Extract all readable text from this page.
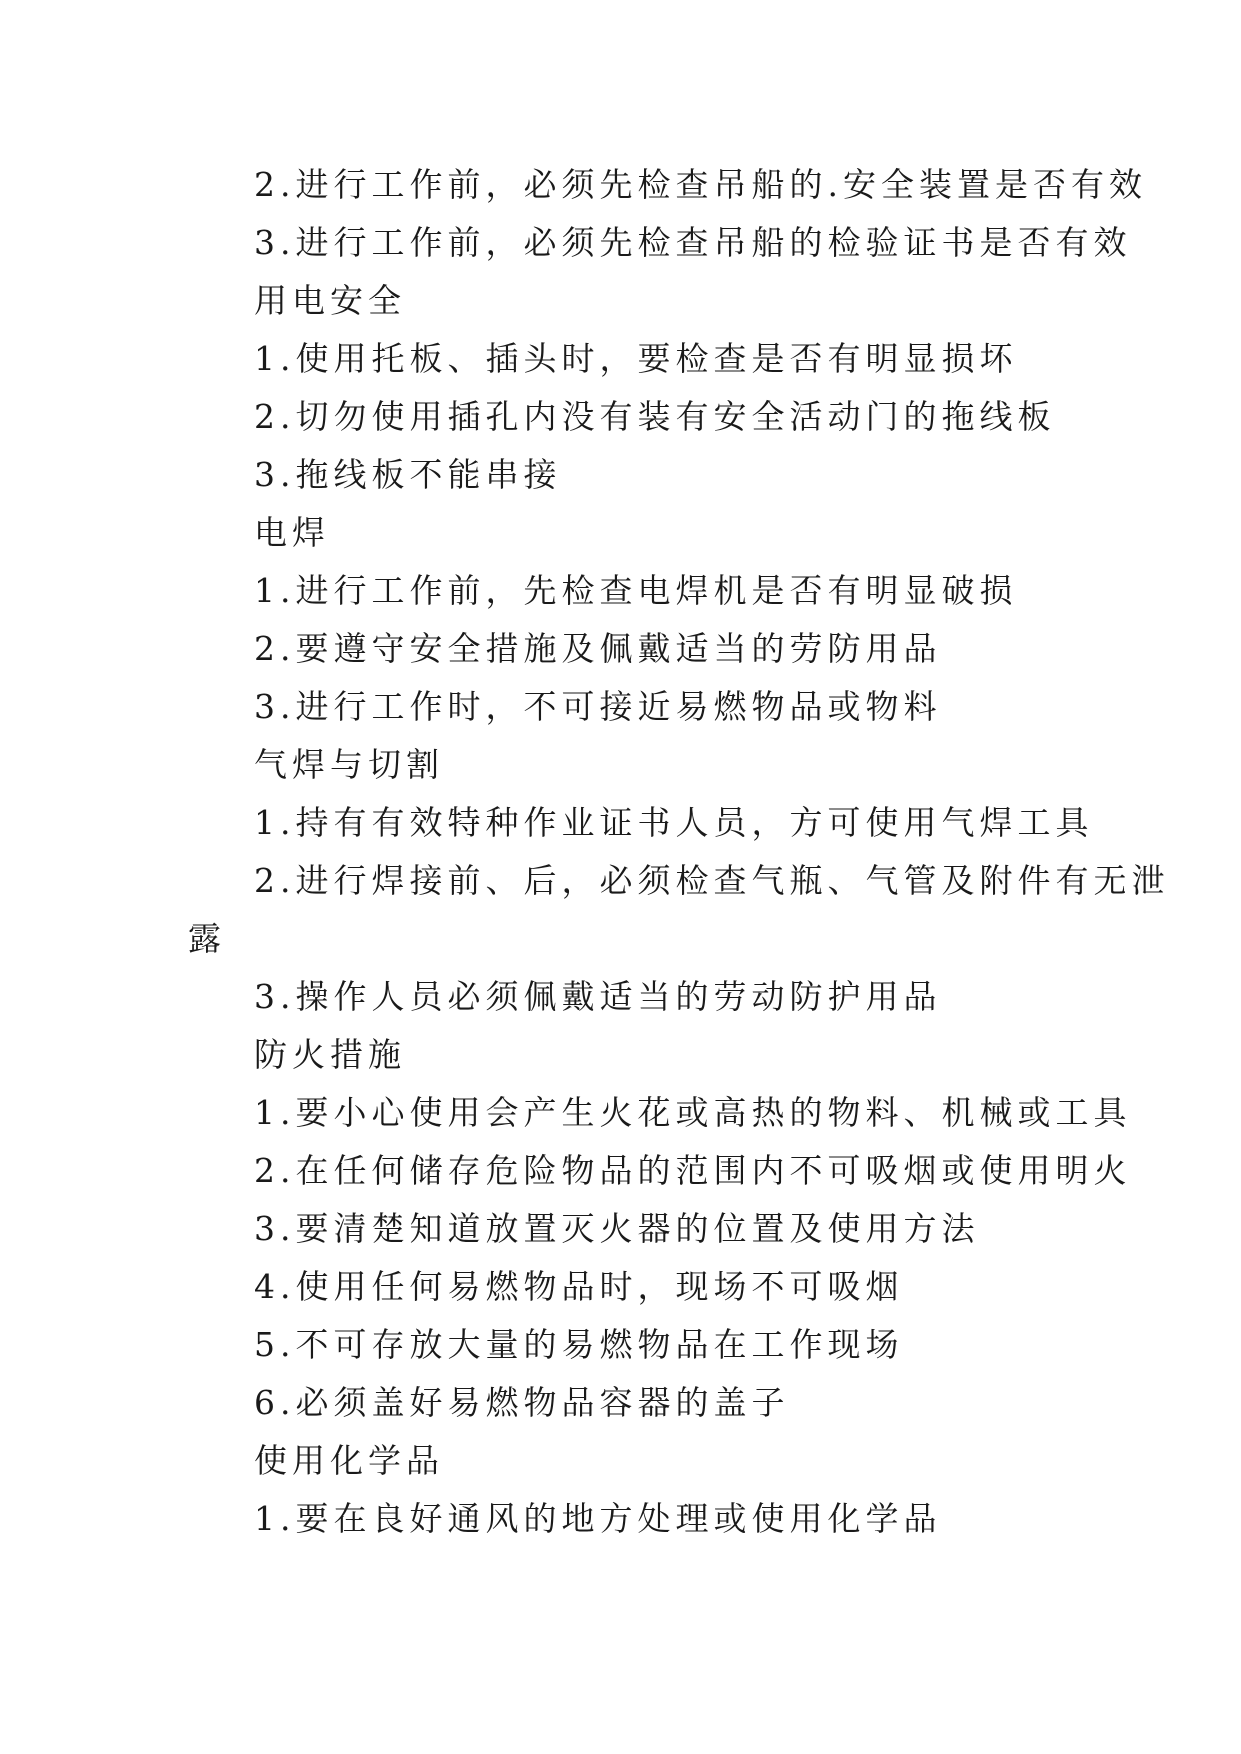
2.进行工作前，必须先检查吊船的.安全装置是否有效
3.进行工作前，必须先检查吊船的检验证书是否有效
用电安全
1.使用托板、插头时，要检查是否有明显损坏
2.切勿使用插孔内没有装有安全活动门的拖线板
3.拖线板不能串接
电焊
1.进行工作前，先检查电焊机是否有明显破损
2.要遵守安全措施及佩戴适当的劳防用品
3.进行工作时，不可接近易燃物品或物料
气焊与切割
1.持有有效特种作业证书人员，方可使用气焊工具
2.进行焊接前、后，必须检查气瓶、气管及附件有无泄
露
3.操作人员必须佩戴适当的劳动防护用品
防火措施
1.要小心使用会产生火花或高热的物料、机械或工具
2.在任何储存危险物品的范围内不可吸烟或使用明火
3.要清楚知道放置灭火器的位置及使用方法
4.使用任何易燃物品时，现场不可吸烟
5.不可存放大量的易燃物品在工作现场
6.必须盖好易燃物品容器的盖子
使用化学品
1.要在良好通风的地方处理或使用化学品
